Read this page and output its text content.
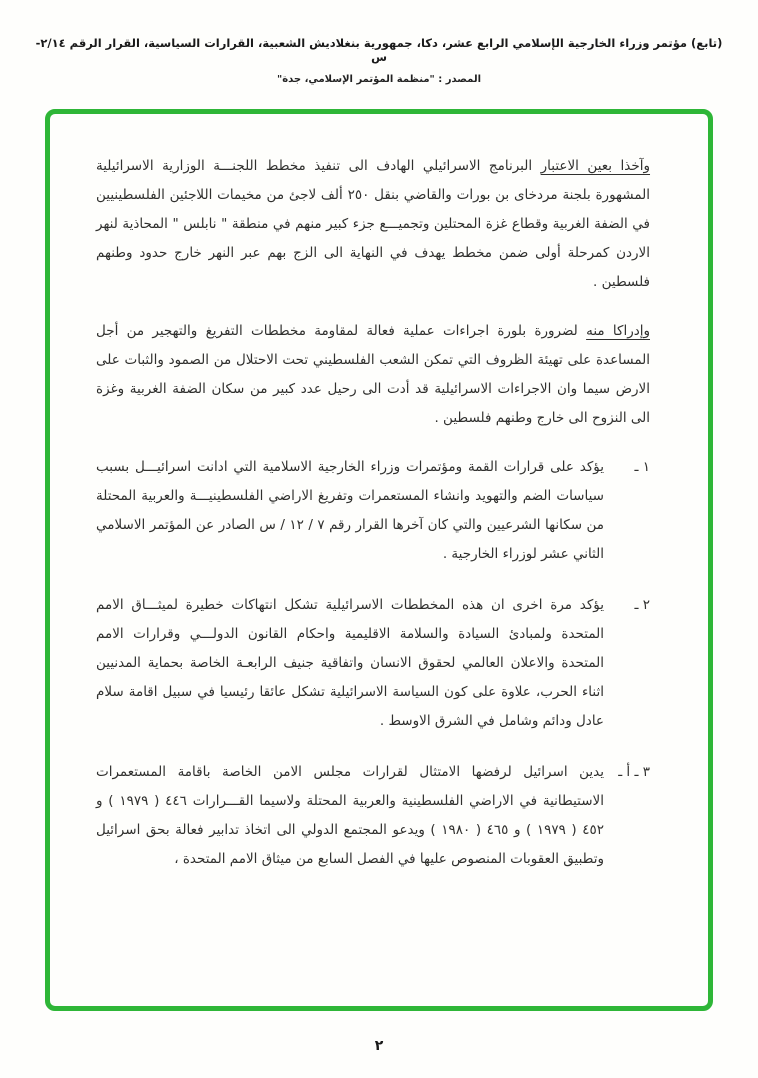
(تابع) مؤتمر وزراء الخارجية الإسلامي الرابع عشر، دكا، جمهورية بنغلاديش الشعبية، القرارات السياسية، القرار الرقم ٢/١٤- س
المصدر : "منظمة المؤتمر الإسلامي، جدة"

وآخذا بعين الاعتبار البرنامج الاسرائيلي الهادف الى تنفيذ مخطط اللجنـــة الوزارية الاسرائيلية المشهورة بلجنة مردخاى بن بورات والقاضي بنقل ٢٥٠ ألف لاجئ من مخيمات اللاجئين الفلسطينيين في الضفة الغربية وقطاع غزة المحتلين وتجميـــع جزء كبير منهم في منطقة " نابلس " المحاذية لنهر الاردن كمرحلة أولى ضمن مخطط يهدف في النهاية الى الزج بهم عبر النهر خارج حدود وطنهم فلسطين .

وإدراكا منه لضرورة بلورة اجراءات عملية فعالة لمقاومة مخططات التفريغ والتهجير من أجل المساعدة على تهيئة الظروف التي تمكن الشعب الفلسطيني تحت الاحتلال من الصمود والثبات على الارض سيما وان الاجراءات الاسرائيلية قد أدت الى رحيل عدد كبير من سكان الضفة الغربية وغزة الى النزوح الى خارج وطنهم فلسطين .

١ ـ
يؤكد على قرارات القمة ومؤتمرات وزراء الخارجية الاسلامية التي ادانت اسرائيـــل بسبب سياسات الضم والتهويد وانشاء المستعمرات وتفريغ الاراضي الفلسطينيـــة والعربية المحتلة من سكانها الشرعيين والتي كان آخرها القرار رقم ٧ / ١٢ / س الصادر عن المؤتمر الاسلامي الثاني عشر لوزراء الخارجية .
٢ ـ
يؤكد مرة اخرى ان هذه المخططات الاسرائيلية تشكل انتهاكات خطيرة لميثـــاق الامم المتحدة ولمبادئ السيادة والسلامة الاقليمية واحكام القانون الدولـــي وقرارات الامم المتحدة والاعلان العالمي لحقوق الانسان واتفاقية جنيف الرابعـة الخاصة بحماية المدنيين اثناء الحرب، علاوة على كون السياسة الاسرائيلية تشكل عائقا رئيسيا في سبيل اقامة سلام عادل ودائم وشامل في الشرق الاوسط .
٣ ـ أ ـ
يدين اسرائيل لرفضها الامتثال لقرارات مجلس الامن الخاصة باقامة المستعمرات الاستيطانية في الاراضي الفلسطينية والعربية المحتلة ولاسيما القـــرارات ٤٤٦ ( ١٩٧٩ ) و ٤٥٢ ( ١٩٧٩ ) و ٤٦٥ ( ١٩٨٠ ) ويدعو المجتمع الدولي الى اتخاذ تدابير فعالة بحق اسرائيل وتطبيق العقوبات المنصوص عليها في الفصل السابع من ميثاق الامم المتحدة ،
٢
